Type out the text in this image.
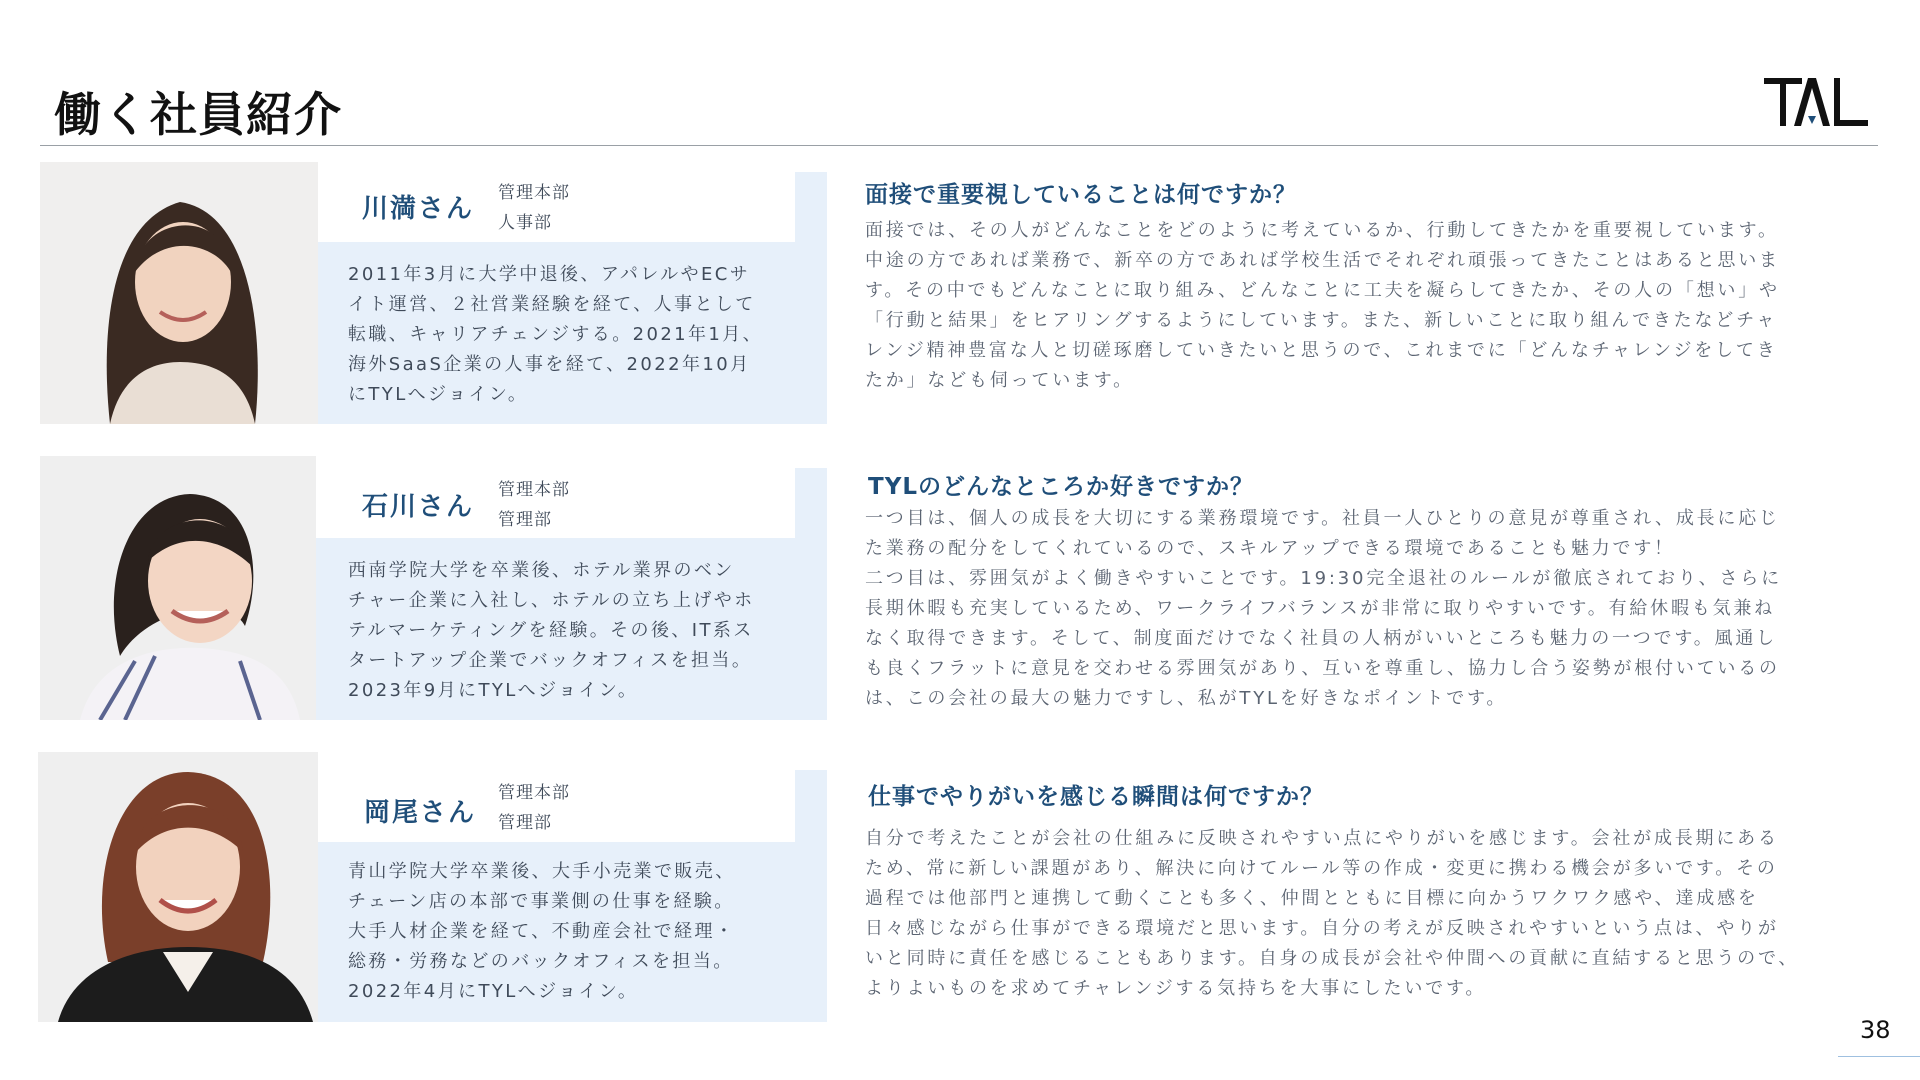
働く社員紹介
川満さん
管理本部
人事部
2011年3月に大学中退後、アパレルやECサ
イト運営、２社営業経験を経て、人事として
転職、キャリアチェンジする。2021年1月、
海外SaaS企業の人事を経て、2022年10月
にTYLへジョイン。
面接で重要視していることは何ですか？
面接では、その人がどんなことをどのように考えているか、行動してきたかを重要視しています。
中途の方であれば業務で、新卒の方であれば学校生活でそれぞれ頑張ってきたことはあると思いま
す。その中でもどんなことに取り組み、どんなことに工夫を凝らしてきたか、その人の「想い」や
「行動と結果」をヒアリングするようにしています。また、新しいことに取り組んできたなどチャ
レンジ精神豊富な人と切磋琢磨していきたいと思うので、これまでに「どんなチャレンジをしてき
たか」なども伺っています。
石川さん
管理本部
管理部
西南学院大学を卒業後、ホテル業界のベン
チャー企業に入社し、ホテルの立ち上げやホ
テルマーケティングを経験。その後、IT系ス
タートアップ企業でバックオフィスを担当。
2023年9月にTYLへジョイン。
TYLのどんなところか好きですか？
一つ目は、個人の成長を大切にする業務環境です。社員一人ひとりの意見が尊重され、成長に応じ
た業務の配分をしてくれているので、スキルアップできる環境であることも魅力です！
二つ目は、雰囲気がよく働きやすいことです。19:30完全退社のルールが徹底されており、さらに
長期休暇も充実しているため、ワークライフバランスが非常に取りやすいです。有給休暇も気兼ね
なく取得できます。そして、制度面だけでなく社員の人柄がいいところも魅力の一つです。風通し
も良くフラットに意見を交わせる雰囲気があり、互いを尊重し、協力し合う姿勢が根付いているの
は、この会社の最大の魅力ですし、私がTYLを好きなポイントです。
岡尾さん
管理本部
管理部
青山学院大学卒業後、大手小売業で販売、
チェーン店の本部で事業側の仕事を経験。
大手人材企業を経て、不動産会社で経理・
総務・労務などのバックオフィスを担当。
2022年4月にTYLへジョイン。
仕事でやりがいを感じる瞬間は何ですか？
自分で考えたことが会社の仕組みに反映されやすい点にやりがいを感じます。会社が成長期にある
ため、常に新しい課題があり、解決に向けてルール等の作成・変更に携わる機会が多いです。その
過程では他部門と連携して動くことも多く、仲間とともに目標に向かうワクワク感や、達成感を
日々感じながら仕事ができる環境だと思います。自分の考えが反映されやすいという点は、やりが
いと同時に責任を感じることもあります。自身の成長が会社や仲間への貢献に直結すると思うので、
よりよいものを求めてチャレンジする気持ちを大事にしたいです。
38
